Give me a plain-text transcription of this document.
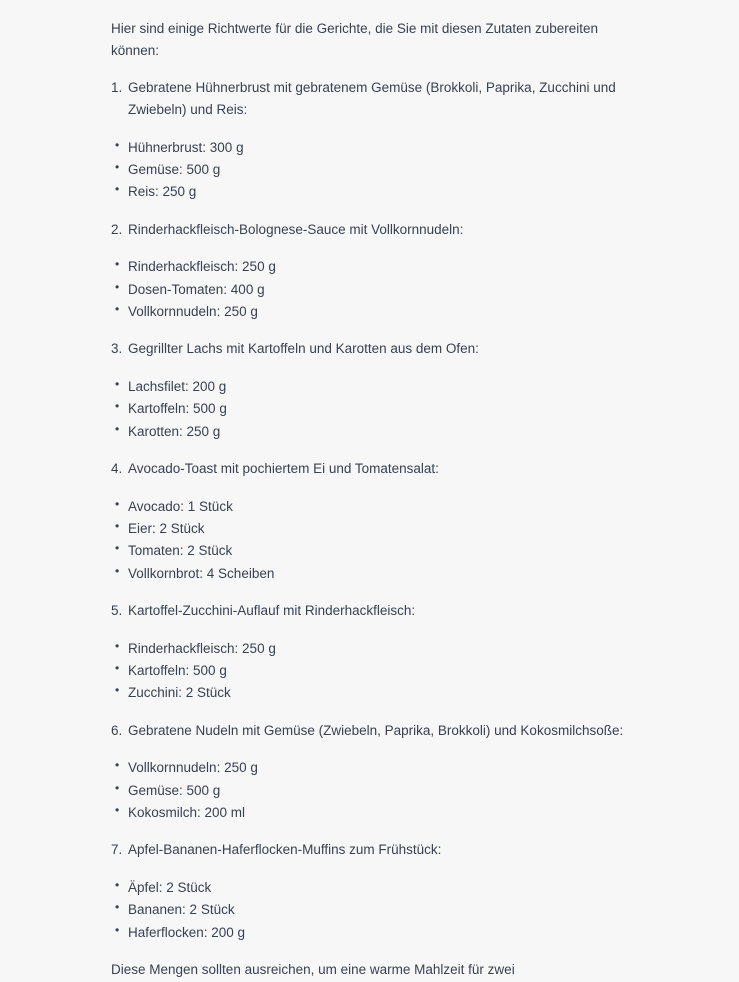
Hier sind einige Richtwerte für die Gerichte, die Sie mit diesen Zutaten zubereiten können:

1. Gebratene Hühnerbrust mit gebratenem Gemüse (Brokkoli, Paprika, Zucchini und Zwiebeln) und Reis:
• Hühnerbrust: 300 g
• Gemüse: 500 g
• Reis: 250 g
2. Rinderhackfleisch-Bolognese-Sauce mit Vollkornnudeln:
• Rinderhackfleisch: 250 g
• Dosen-Tomaten: 400 g
• Vollkornnudeln: 250 g
3. Gegrillter Lachs mit Kartoffeln und Karotten aus dem Ofen:
• Lachsfilet: 200 g
• Kartoffeln: 500 g
• Karotten: 250 g
4. Avocado-Toast mit pochiertem Ei und Tomatensalat:
• Avocado: 1 Stück
• Eier: 2 Stück
• Tomaten: 2 Stück
• Vollkornbrot: 4 Scheiben
5. Kartoffel-Zucchini-Auflauf mit Rinderhackfleisch:
• Rinderhackfleisch: 250 g
• Kartoffeln: 500 g
• Zucchini: 2 Stück
6. Gebratene Nudeln mit Gemüse (Zwiebeln, Paprika, Brokkoli) und Kokosmilchsoße:
• Vollkornnudeln: 250 g
• Gemüse: 500 g
• Kokosmilch: 200 ml
7. Apfel-Bananen-Haferflocken-Muffins zum Frühstück:
• Äpfel: 2 Stück
• Bananen: 2 Stück
• Haferflocken: 200 g

Diese Mengen sollten ausreichen, um eine warme Mahlzeit für zwei
